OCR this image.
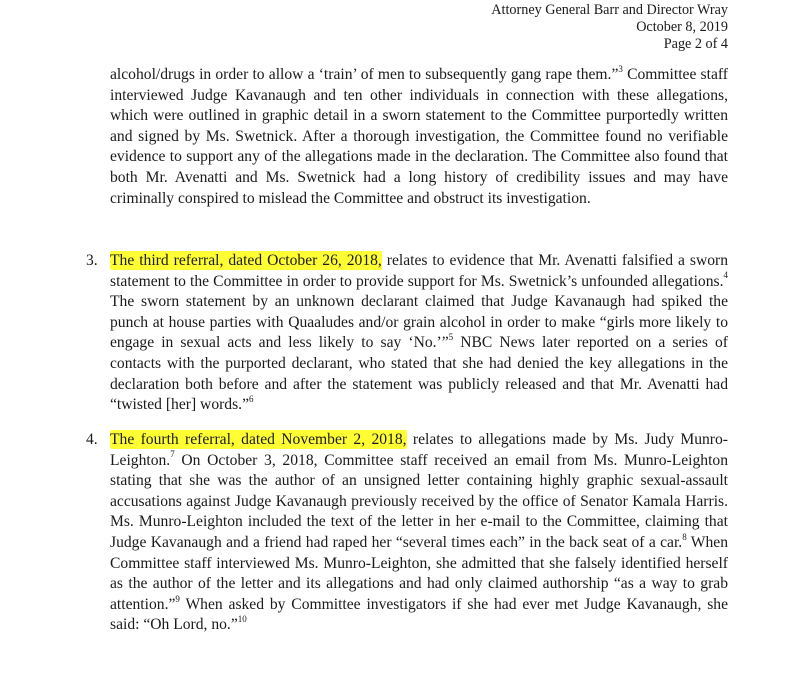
Attorney General Barr and Director Wray
October 8, 2019
Page 2 of 4
alcohol/drugs in order to allow a ‘train’ of men to subsequently gang rape them.”$^3$ Committee staff interviewed Judge Kavanaugh and ten other individuals in connection with these allegations, which were outlined in graphic detail in a sworn statement to the Committee purportedly written and signed by Ms. Swetnick. After a thorough investigation, the Committee found no verifiable evidence to support any of the allegations made in the declaration. The Committee also found that both Mr. Avenatti and Ms. Swetnick had a long history of credibility issues and may have criminally conspired to mislead the Committee and obstruct its investigation.
3. The third referral, dated October 26, 2018, relates to evidence that Mr. Avenatti falsified a sworn statement to the Committee in order to provide support for Ms. Swetnick’s unfounded allegations.$^4$ The sworn statement by an unknown declarant claimed that Judge Kavanaugh had spiked the punch at house parties with Quaaludes and/or grain alcohol in order to make “girls more likely to engage in sexual acts and less likely to say ‘No.’”$^5$ NBC News later reported on a series of contacts with the purported declarant, who stated that she had denied the key allegations in the declaration both before and after the statement was publicly released and that Mr. Avenatti had “twisted [her] words.”$^6$
4. The fourth referral, dated November 2, 2018, relates to allegations made by Ms. Judy Munro-Leighton.$^7$ On October 3, 2018, Committee staff received an email from Ms. Munro-Leighton stating that she was the author of an unsigned letter containing highly graphic sexual-assault accusations against Judge Kavanaugh previously received by the office of Senator Kamala Harris. Ms. Munro-Leighton included the text of the letter in her e-mail to the Committee, claiming that Judge Kavanaugh and a friend had raped her “several times each” in the back seat of a car.$^8$ When Committee staff interviewed Ms. Munro-Leighton, she admitted that she falsely identified herself as the author of the letter and its allegations and had only claimed authorship “as a way to grab attention.”$^9$ When asked by Committee investigators if she had ever met Judge Kavanaugh, she said: “Oh Lord, no.”$^{10}$
